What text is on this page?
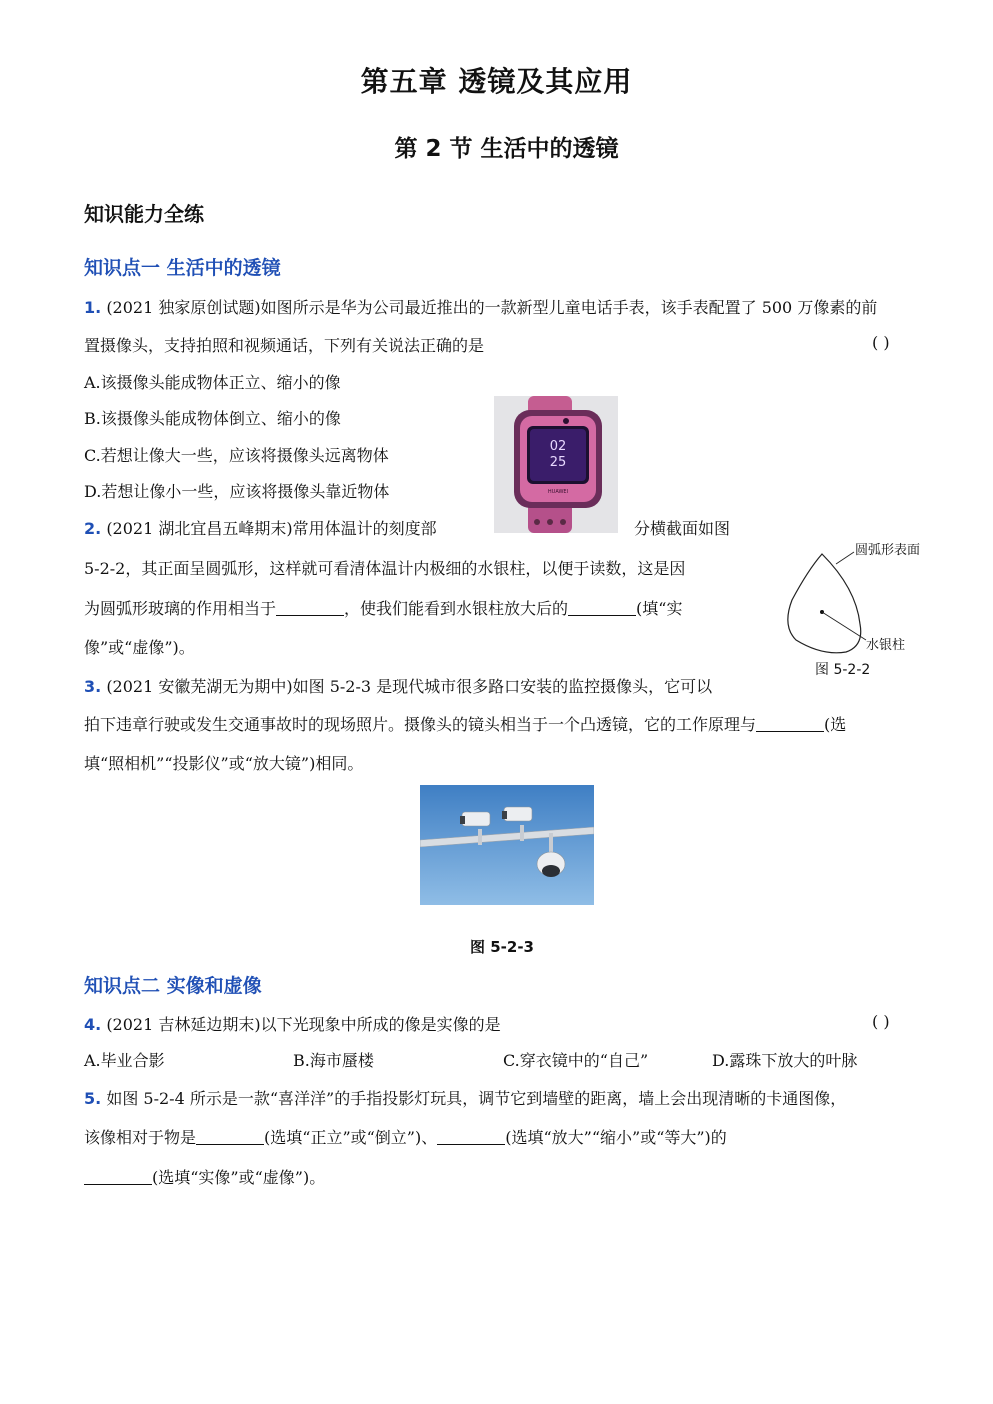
第五章 透镜及其应用
第 2 节 生活中的透镜
知识能力全练
知识点一 生活中的透镜
1. (2021 独家原创试题)如图所示是华为公司最近推出的一款新型儿童电话手表，该手表配置了 500 万像素的前
置摄像头，支持拍照和视频通话，下列有关说法正确的是	( )
A.该摄像头能成物体正立、缩小的像
B.该摄像头能成物体倒立、缩小的像
C.若想让像大一些，应该将摄像头远离物体
D.若想让像小一些，应该将摄像头靠近物体
02
25
HUAWEI
2. (2021 湖北宜昌五峰期末)常用体温计的刻度部	分横截面如图
5-2-2，其正面呈圆弧形，这样就可看清体温计内极细的水银柱，以便于读数，这是因
为圆弧形玻璃的作用相当于	，使我们能看到水银柱放大后的	(填“实
像”或“虚像”)。
圆弧形表面
水银柱
图 5-2-2
3. (2021 安徽芜湖无为期中)如图 5-2-3 是现代城市很多路口安装的监控摄像头，它可以
拍下违章行驶或发生交通事故时的现场照片。摄像头的镜头相当于一个凸透镜，它的工作原理与	(选
填“照相机”“投影仪”或“放大镜”)相同。
图 5-2-3
知识点二 实像和虚像
4. (2021 吉林延边期末)以下光现象中所成的像是实像的是	( )
A.毕业合影	B.海市蜃楼	C.穿衣镜中的“自己”	D.露珠下放大的叶脉
5. 如图 5-2-4 所示是一款“喜洋洋”的手指投影灯玩具，调节它到墙壁的距离，墙上会出现清晰的卡通图像，
该像相对于物是	(选填“正立”或“倒立”)、	(选填“放大”“缩小”或“等大”)的
(选填“实像”或“虚像”)。
